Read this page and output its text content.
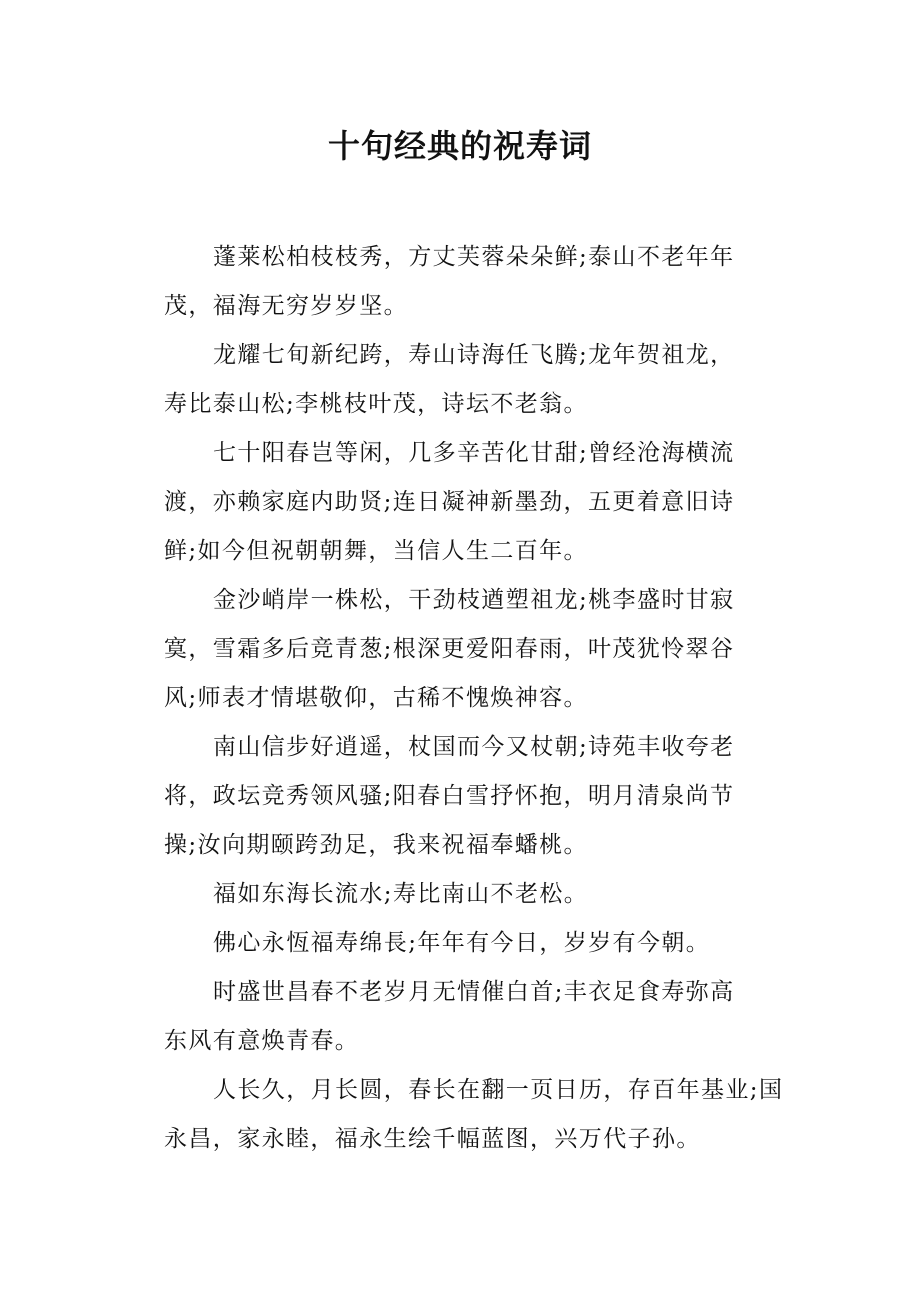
十句经典的祝寿词

蓬莱松柏枝枝秀，方丈芙蓉朵朵鲜;泰山不老年年
茂，福海无穷岁岁坚。

龙耀七旬新纪跨，寿山诗海任飞腾;龙年贺祖龙，
寿比泰山松;李桃枝叶茂，诗坛不老翁。

七十阳春岂等闲，几多辛苦化甘甜;曾经沧海横流
渡，亦赖家庭内助贤;连日凝神新墨劲，五更着意旧诗
鲜;如今但祝朝朝舞，当信人生二百年。

金沙峭岸一株松，干劲枝遒塑祖龙;桃李盛时甘寂
寞，雪霜多后竞青葱;根深更爱阳春雨，叶茂犹怜翠谷
风;师表才情堪敬仰，古稀不愧焕神容。

南山信步好逍遥，杖国而今又杖朝;诗苑丰收夸老
将，政坛竞秀领风骚;阳春白雪抒怀抱，明月清泉尚节
操;汝向期颐跨劲足，我来祝福奉蟠桃。

福如东海长流水;寿比南山不老松。

佛心永恆福寿绵長;年年有今日，岁岁有今朝。

时盛世昌春不老岁月无情催白首;丰衣足食寿弥高
东风有意焕青春。

人长久，月长圆，春长在翻一页日历，存百年基业;国
永昌，家永睦，福永生绘千幅蓝图，兴万代子孙。
